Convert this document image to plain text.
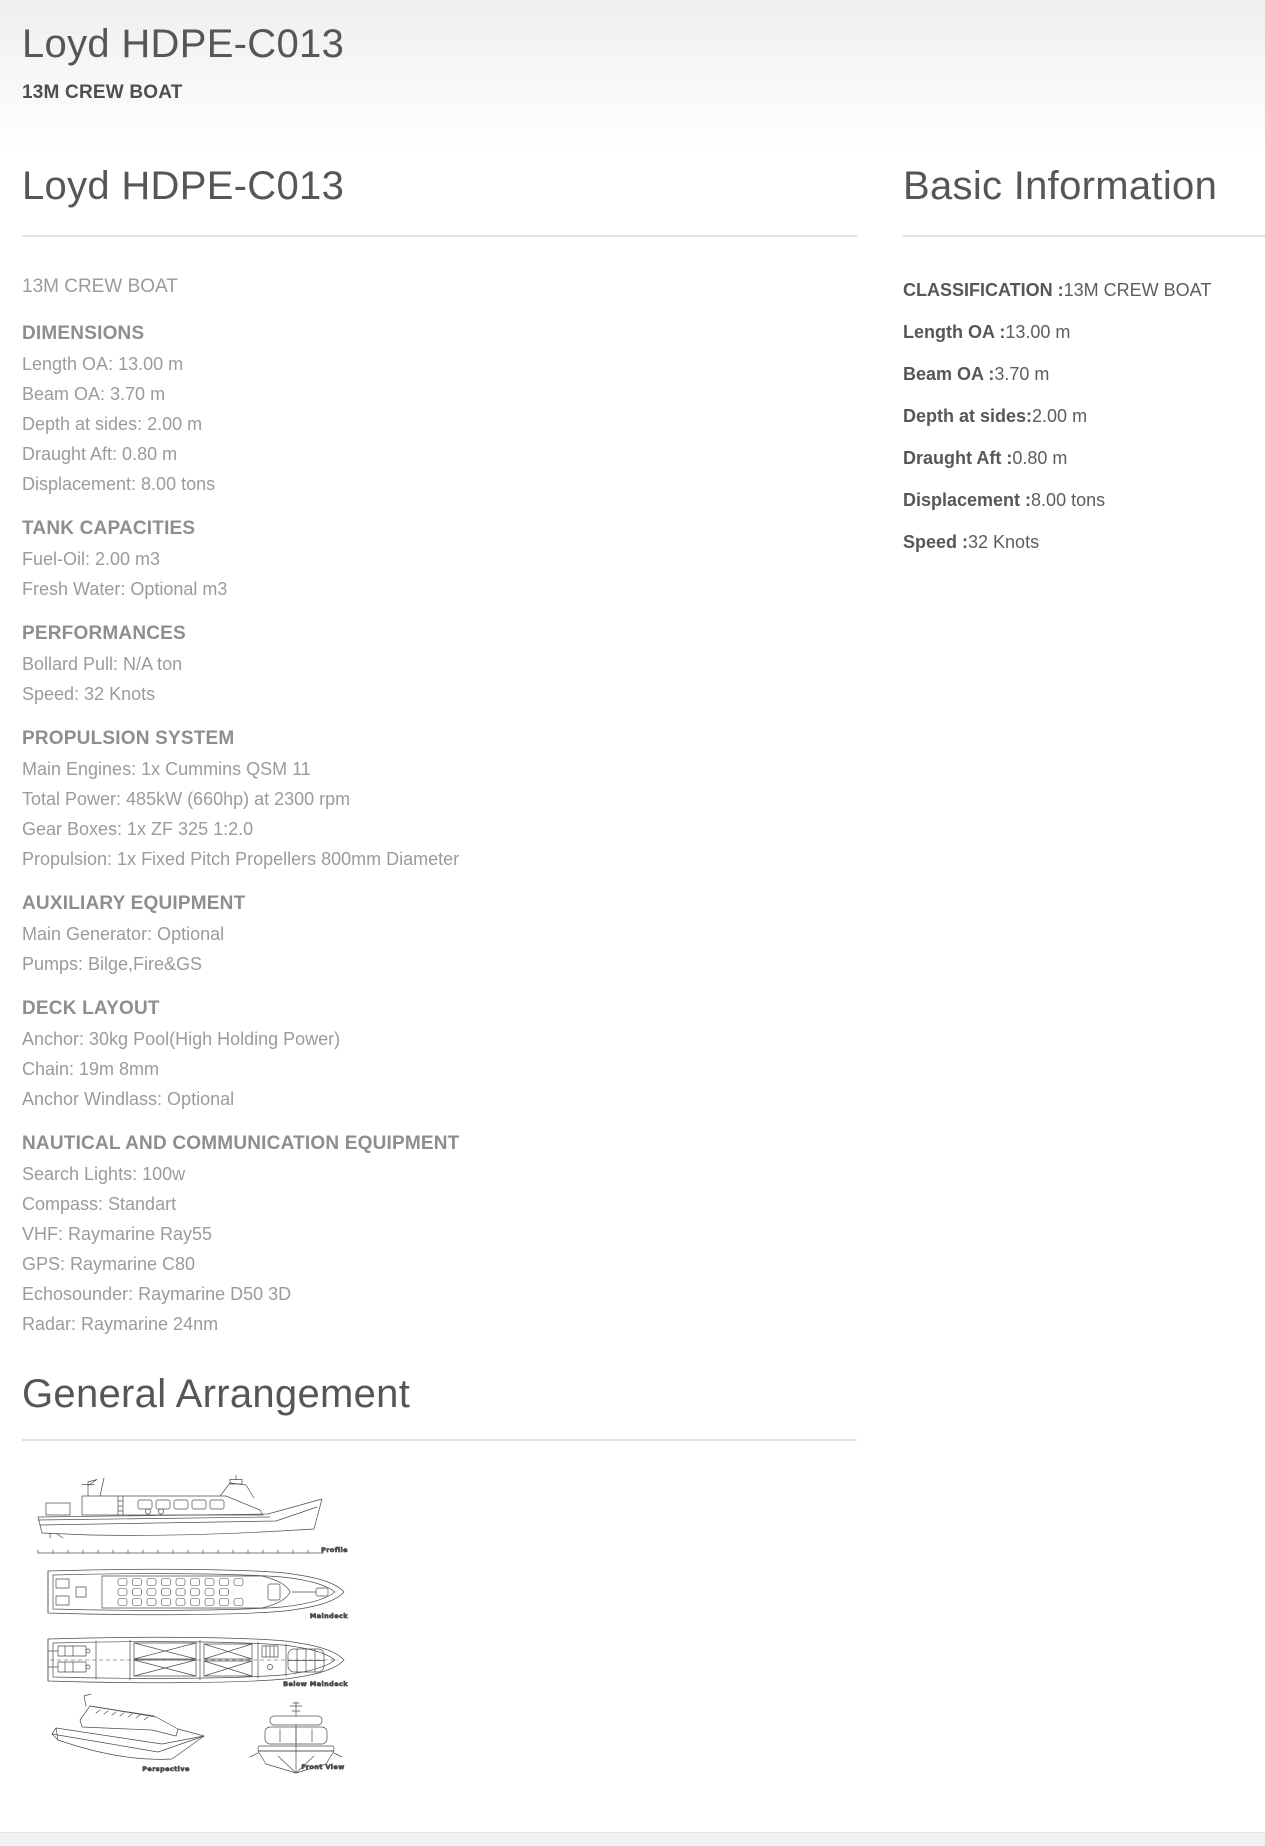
Loyd HDPE-C013
13M CREW BOAT
Loyd HDPE-C013	Basic Information

13M CREW BOAT

DIMENSIONS

Length OA: 13.00 m

Beam OA: 3.70 m

Depth at sides: 2.00 m

Draught Aft: 0.80 m

Displacement: 8.00 tons

TANK CAPACITIES

Fuel-Oil: 2.00 m3

Fresh Water: Optional m3

PERFORMANCES

Bollard Pull: N/A ton

Speed: 32 Knots

PROPULSION SYSTEM

Main Engines: 1x Cummins QSM 11

Total Power: 485kW (660hp) at 2300 rpm

Gear Boxes: 1x ZF 325 1:2.0

Propulsion: 1x Fixed Pitch Propellers 800mm Diameter

AUXILIARY EQUIPMENT

Main Generator: Optional

Pumps: Bilge,Fire&GS

DECK LAYOUT

Anchor: 30kg Pool(High Holding Power)

Chain: 19m 8mm

Anchor Windlass: Optional

NAUTICAL AND COMMUNICATION EQUIPMENT

Search Lights: 100w

Compass: Standart

VHF: Raymarine Ray55

GPS: Raymarine C80

Echosounder: Raymarine D50 3D

Radar: Raymarine 24nm

CLASSIFICATION :13M CREW BOAT

Length OA :13.00 m

Beam OA :3.70 m

Depth at sides:2.00 m

Draught Aft :0.80 m

Displacement :8.00 tons

Speed :32 Knots

General Arrangement
Profile
Maindeck
Below Maindeck
Perspective	Front View
